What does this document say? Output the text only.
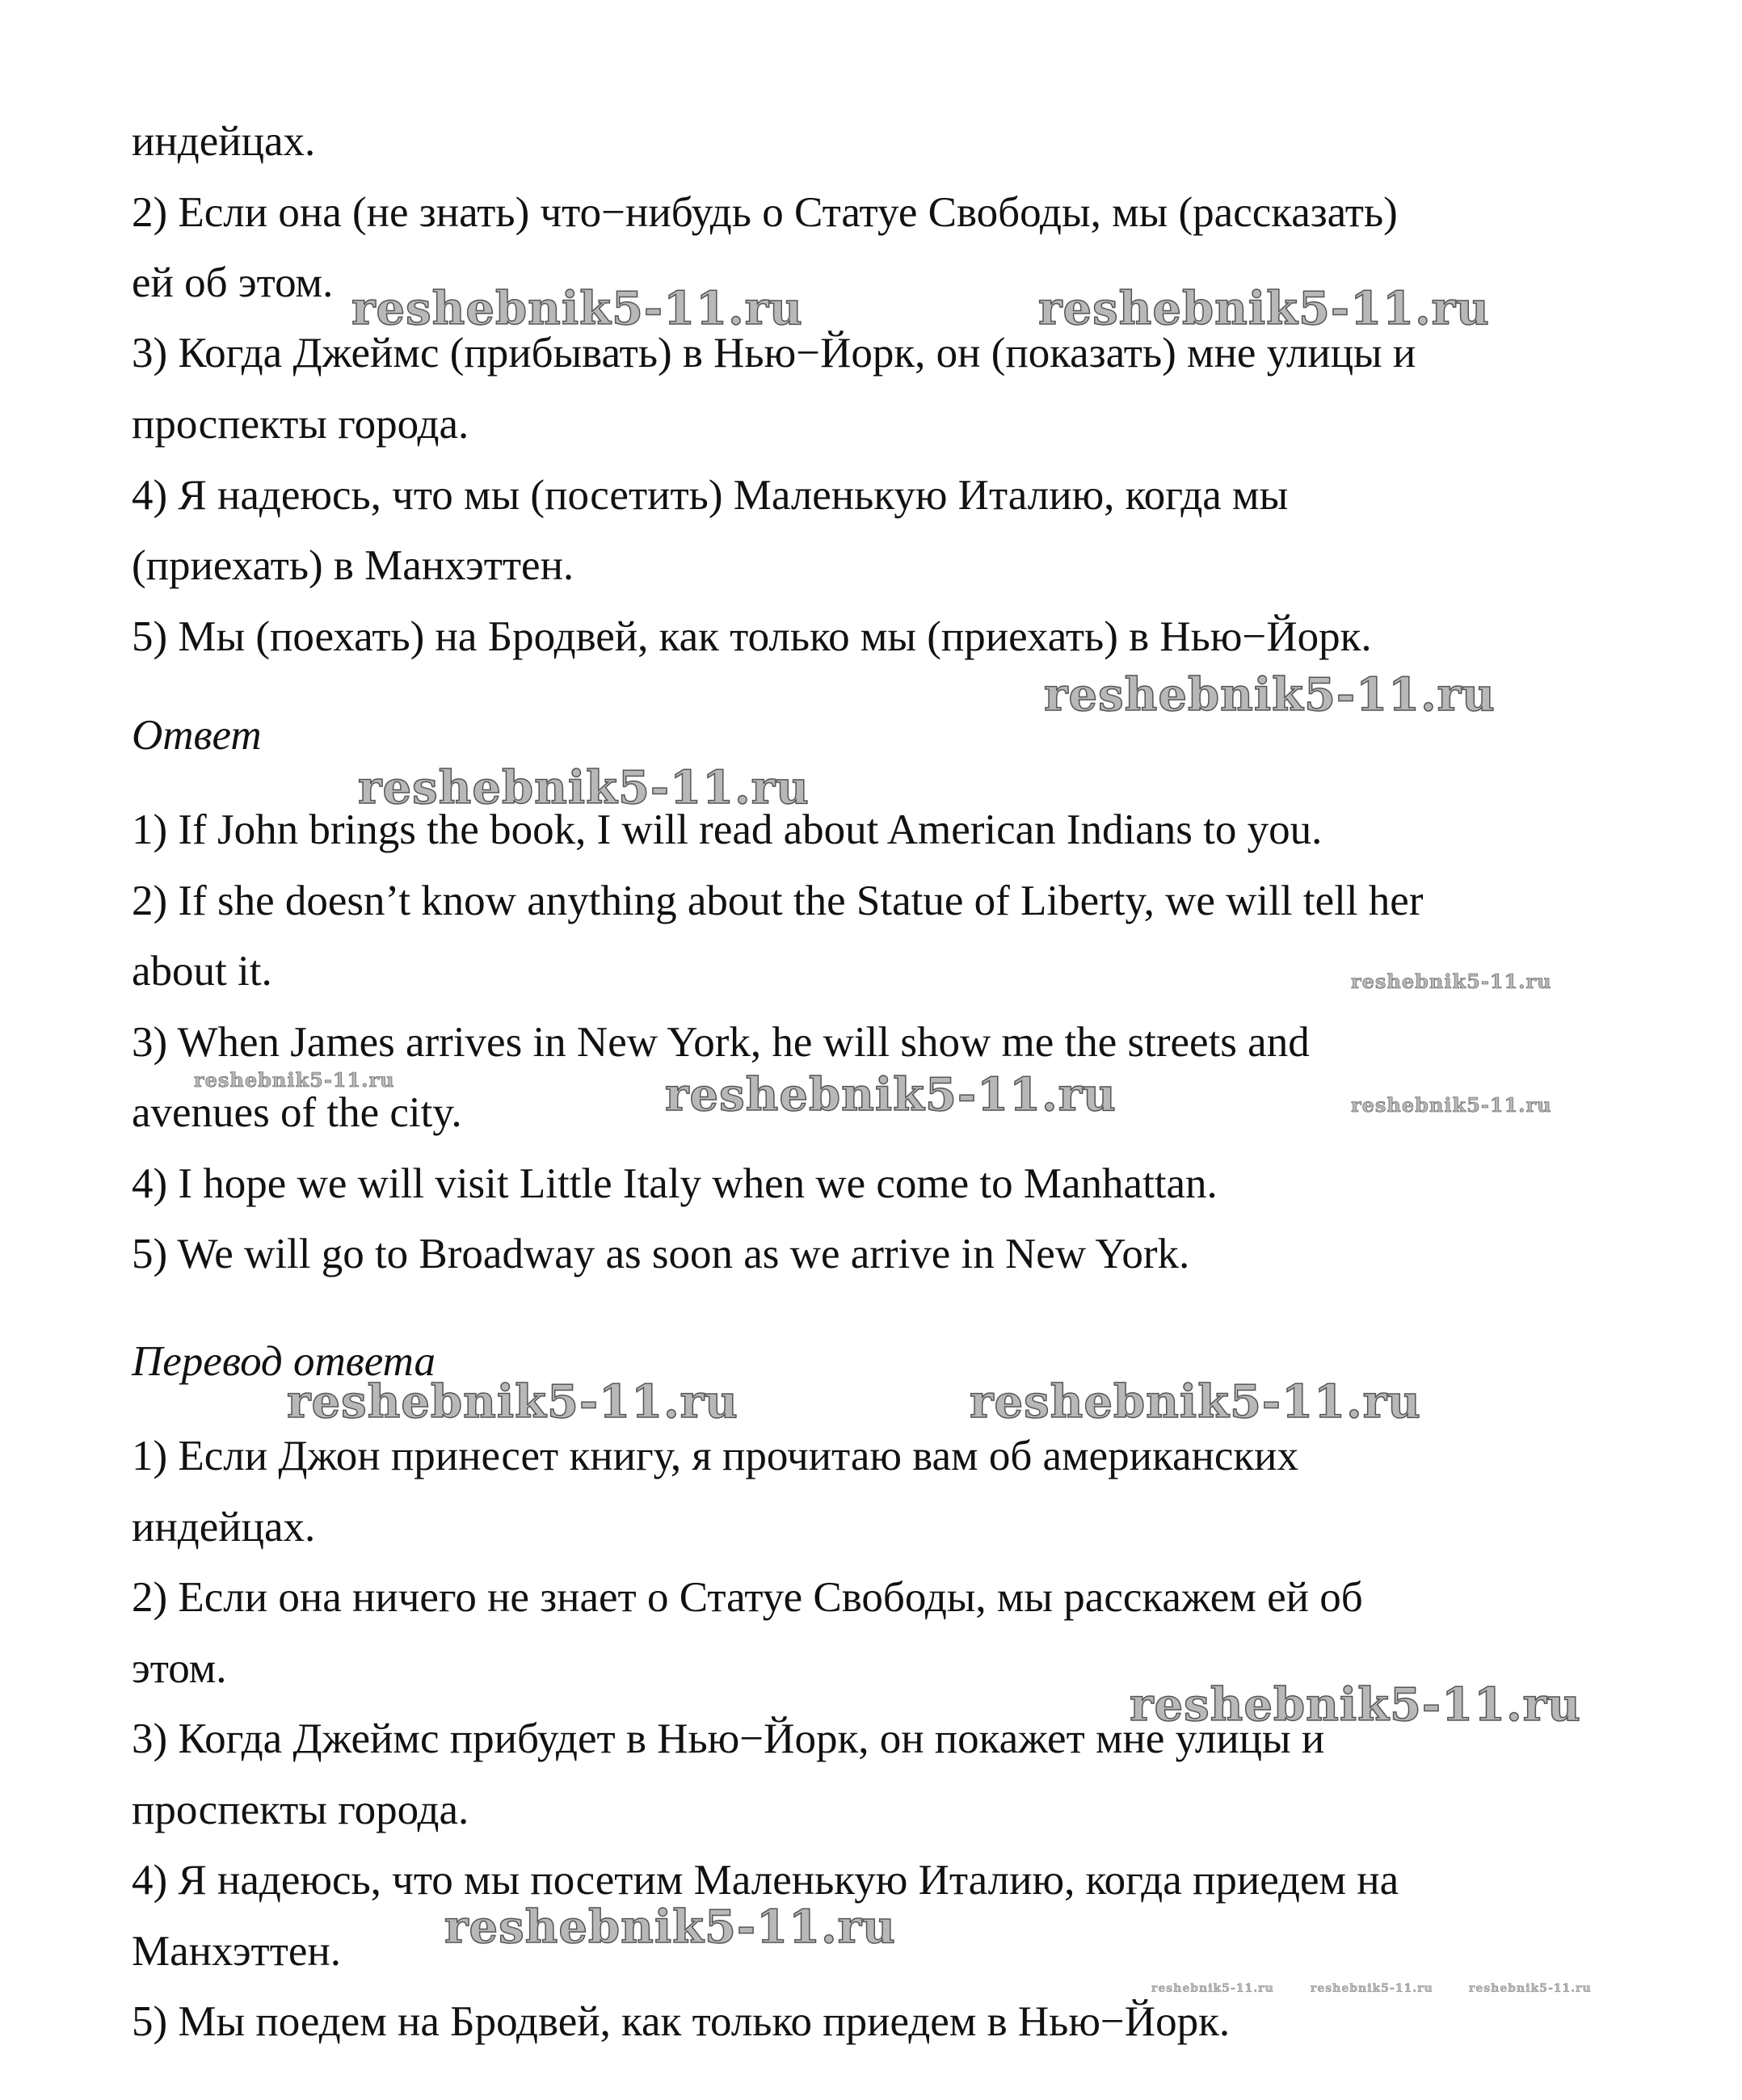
индейцах.
2) Если она (не знать) что−нибудь о Статуе Свободы, мы (рассказать)
ей об этом.
3) Когда Джеймс (прибывать) в Нью−Йорк, он (показать) мне улицы и
проспекты города.
4) Я надеюсь, что мы (посетить) Маленькую Италию, когда мы
(приехать) в Манхэттен.
5) Мы (поехать) на Бродвей, как только мы (приехать) в Нью−Йорк.
Ответ
1) If John brings the book, I will read about American Indians to you.
2) If she doesn’t know anything about the Statue of Liberty, we will tell her
about it.
3) When James arrives in New York, he will show me the streets and
avenues of the city.
4) I hope we will visit Little Italy when we come to Manhattan.
5) We will go to Broadway as soon as we arrive in New York.
Перевод ответа
1) Если Джон принесет книгу, я прочитаю вам об американских
индейцах.
2) Если она ничего не знает о Статуе Свободы, мы расскажем ей об
этом.
3) Когда Джеймс прибудет в Нью−Йорк, он покажет мне улицы и
проспекты города.
4) Я надеюсь, что мы посетим Маленькую Италию, когда приедем на
Манхэттен.
5) Мы поедем на Бродвей, как только приедем в Нью−Йорк.
reshebnik5-11.ru	reshebnik5-11.ru
reshebnik5-11.ru
reshebnik5-11.ru
reshebnik5-11.ru
reshebnik5-11.ru	reshebnik5-11.ru	reshebnik5-11.ru
reshebnik5-11.ru	reshebnik5-11.ru
reshebnik5-11.ru
reshebnik5-11.ru
reshebnik5-11.ru	reshebnik5-11.ru	reshebnik5-11.ru
